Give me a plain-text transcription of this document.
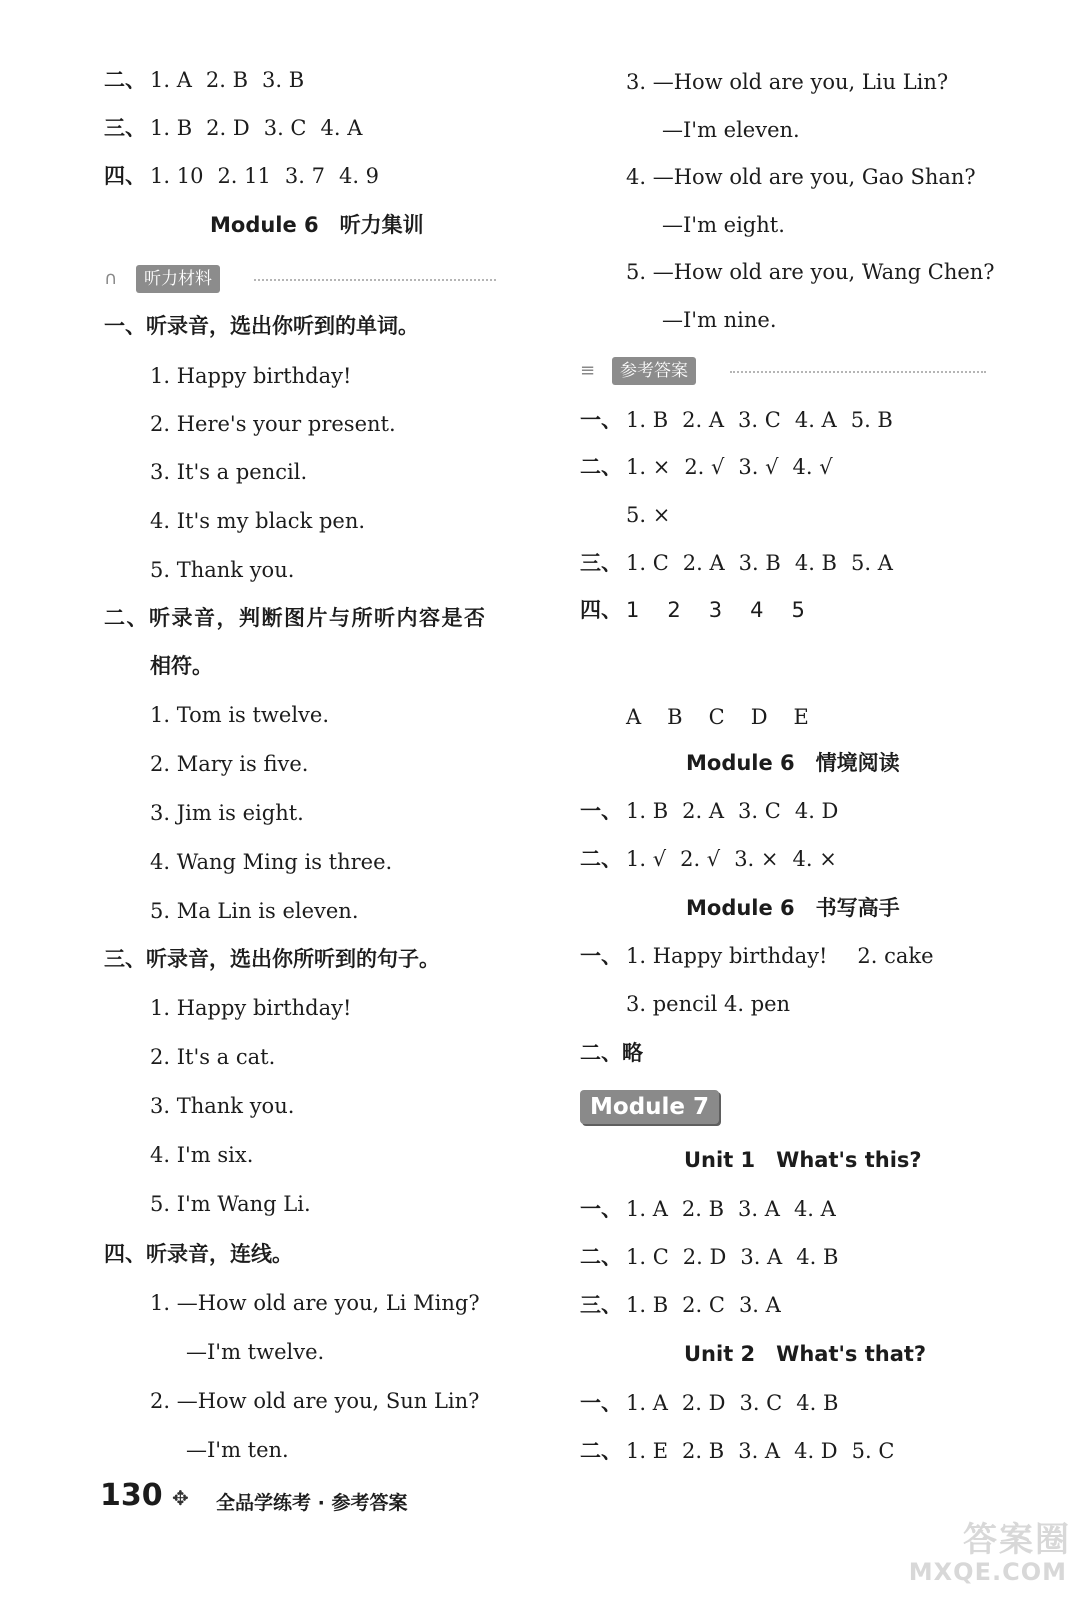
二、 1. A 2. B 3. B
三、 1. B 2. D 3. C 4. A
四、 1. 10 2. 11 3. 7 4. 9
Module 6　听力集训
∩	听力材料
一、听录音，选出你听到的单词。
1. Happy birthday!
2. Here's your present.
3. It's a pencil.
4. It's my black pen.
5. Thank you.
二、听录音，判断图片与所听内容是否
相符。
1. Tom is twelve.
2. Mary is five.
3. Jim is eight.
4. Wang Ming is three.
5. Ma Lin is eleven.
三、听录音，选出你所听到的句子。
1. Happy birthday!
2. It's a cat.
3. Thank you.
4. I'm six.
5. I'm Wang Li.
四、听录音，连线。
1. —How old are you, Li Ming?
—I'm twelve.
2. —How old are you, Sun Lin?
—I'm ten.
3. —How old are you, Liu Lin?
—I'm eleven.
4. —How old are you, Gao Shan?
—I'm eight.
5. —How old are you, Wang Chen?
—I'm nine.
≡	参考答案
一、 1. B 2. A 3. C 4. A 5. B
二、 1. × 2. √ 3. √ 4. √
5. ×
三、 1. C 2. A 3. B 4. B 5. A
四、 1 2 3 4 5
A B C D E
Module 6　情境阅读
一、 1. B 2. A 3. C 4. D
二、 1. √ 2. √ 3. × 4. ×
Module 6　书写高手
一、 1. Happy birthday! 2. cake
3. pencil 4. pen
二、略
Module 7
Unit 1　What's this?
一、 1. A 2. B 3. A 4. A
二、 1. C 2. D 3. A 4. B
三、 1. B 2. C 3. A
Unit 2　What's that?
一、 1. A 2. D 3. C 4. B
二、 1. E 2. B 3. A 4. D 5. C
130 ✥ 全品学练考 · 参考答案
答案圈
MXQE.COM
